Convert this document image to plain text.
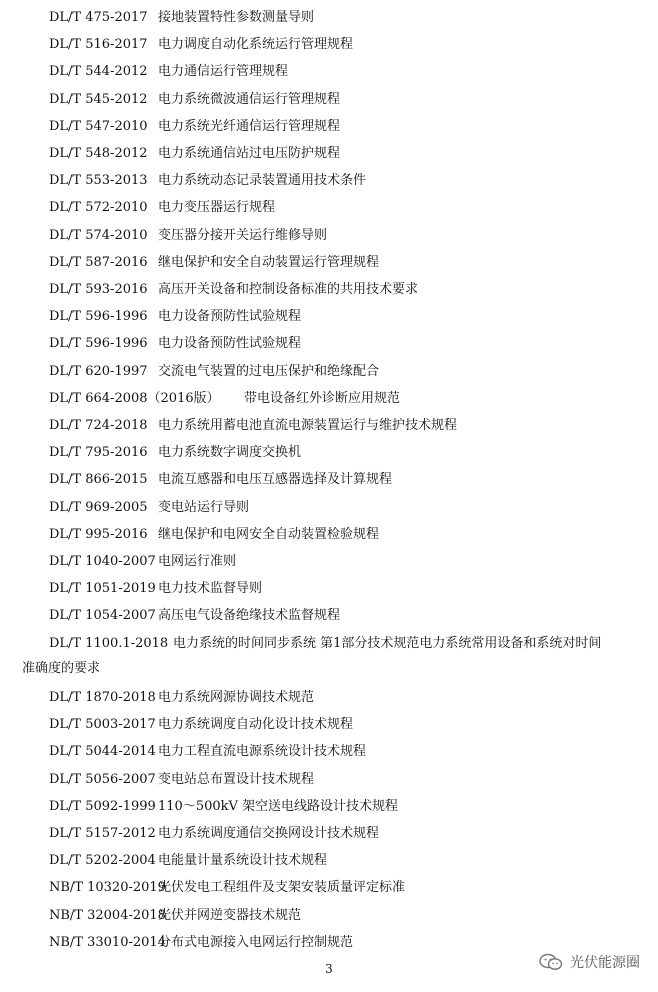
DL/T 475-2017 接地装置特性参数测量导则
DL/T 516-2017 电力调度自动化系统运行管理规程
DL/T 544-2012 电力通信运行管理规程
DL/T 545-2012 电力系统微波通信运行管理规程
DL/T 547-2010 电力系统光纤通信运行管理规程
DL/T 548-2012 电力系统通信站过电压防护规程
DL/T 553-2013 电力系统动态记录装置通用技术条件
DL/T 572-2010 电力变压器运行规程
DL/T 574-2010 变压器分接开关运行维修导则
DL/T 587-2016 继电保护和安全自动装置运行管理规程
DL/T 593-2016 高压开关设备和控制设备标准的共用技术要求
DL/T 596-1996 电力设备预防性试验规程
DL/T 596-1996 电力设备预防性试验规程
DL/T 620-1997 交流电气装置的过电压保护和绝缘配合
DL/T 664-2008（2016版） 带电设备红外诊断应用规范
DL/T 724-2018 电力系统用蓄电池直流电源装置运行与维护技术规程
DL/T 795-2016 电力系统数字调度交换机
DL/T 866-2015 电流互感器和电压互感器选择及计算规程
DL/T 969-2005 变电站运行导则
DL/T 995-2016 继电保护和电网安全自动装置检验规程
DL/T 1040-2007 电网运行准则
DL/T 1051-2019 电力技术监督导则
DL/T 1054-2007 高压电气设备绝缘技术监督规程
DL/T 1100.1-2018 电力系统的时间同步系统 第1部分技术规范电力系统常用设备和系统对时间
准确度的要求
DL/T 1870-2018 电力系统网源协调技术规范
DL/T 5003-2017 电力系统调度自动化设计技术规程
DL/T 5044-2014 电力工程直流电源系统设计技术规程
DL/T 5056-2007 变电站总布置设计技术规程
DL/T 5092-1999 110～500kV 架空送电线路设计技术规程
DL/T 5157-2012 电力系统调度通信交换网设计技术规程
DL/T 5202-2004 电能量计量系统设计技术规程
NB/T 10320-2019
光伏发电工程组件及支架安装质量评定标准
NB/T 32004-2018
光伏并网逆变器技术规范
NB/T 33010-2014
分布式电源接入电网运行控制规范
3	光伏能源圈
